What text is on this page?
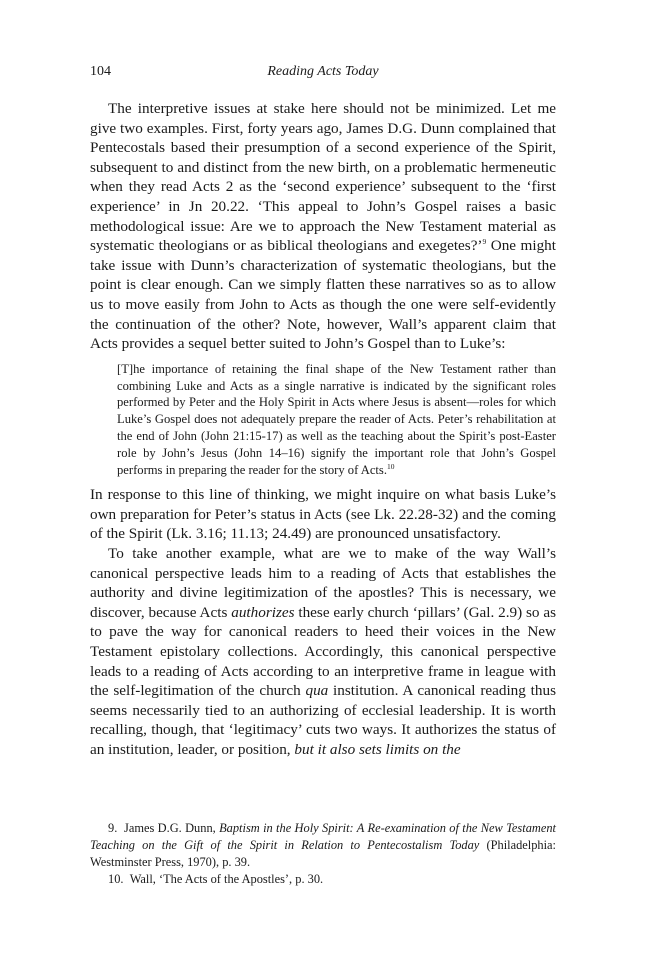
104	Reading Acts Today

The interpretive issues at stake here should not be minimized. Let me give two examples. First, forty years ago, James D.G. Dunn complained that Pentecostals based their presumption of a second experience of the Spirit, subsequent to and distinct from the new birth, on a problematic hermeneutic when they read Acts 2 as the ‘second experience’ subsequent to the ‘first experience’ in Jn 20.22. ‘This appeal to John’s Gospel raises a basic methodological issue: Are we to approach the New Testament material as systematic theologians or as biblical theologians and exegetes?’$^9$ One might take issue with Dunn’s characterization of systematic theologians, but the point is clear enough. Can we simply flatten these narratives so as to allow us to move easily from John to Acts as though the one were self-evidently the continuation of the other? Note, however, Wall’s apparent claim that Acts provides a sequel better suited to John’s Gospel than to Luke’s:

[T]he importance of retaining the final shape of the New Testament rather than combining Luke and Acts as a single narrative is indicated by the significant roles performed by Peter and the Holy Spirit in Acts where Jesus is absent—roles for which Luke’s Gospel does not adequately prepare the reader of Acts. Peter’s rehabilitation at the end of John (John 21:15-17) as well as the teaching about the Spirit’s post-Easter role by John’s Jesus (John 14–16) signify the important role that John’s Gospel performs in preparing the reader for the story of Acts.$^{10}$

In response to this line of thinking, we might inquire on what basis Luke’s own preparation for Peter’s status in Acts (see Lk. 22.28-32) and the coming of the Spirit (Lk. 3.16; 11.13; 24.49) are pronounced unsatisfactory.

To take another example, what are we to make of the way Wall’s canonical perspective leads him to a reading of Acts that establishes the authority and divine legitimization of the apostles? This is necessary, we discover, because Acts authorizes these early church ‘pillars’ (Gal. 2.9) so as to pave the way for canonical readers to heed their voices in the New Testament epistolary collections. Accordingly, this canonical perspective leads to a reading of Acts according to an interpretive frame in league with the self-legitimation of the church qua institution. A canonical reading thus seems necessarily tied to an authorizing of ecclesial leadership. It is worth recalling, though, that ‘legitimacy’ cuts two ways. It authorizes the status of an institution, leader, or position, but it also sets limits on the

9. James D.G. Dunn, Baptism in the Holy Spirit: A Re-examination of the New Testament Teaching on the Gift of the Spirit in Relation to Pentecostalism Today (Philadelphia: Westminster Press, 1970), p. 39.

10. Wall, ‘The Acts of the Apostles’, p. 30.
